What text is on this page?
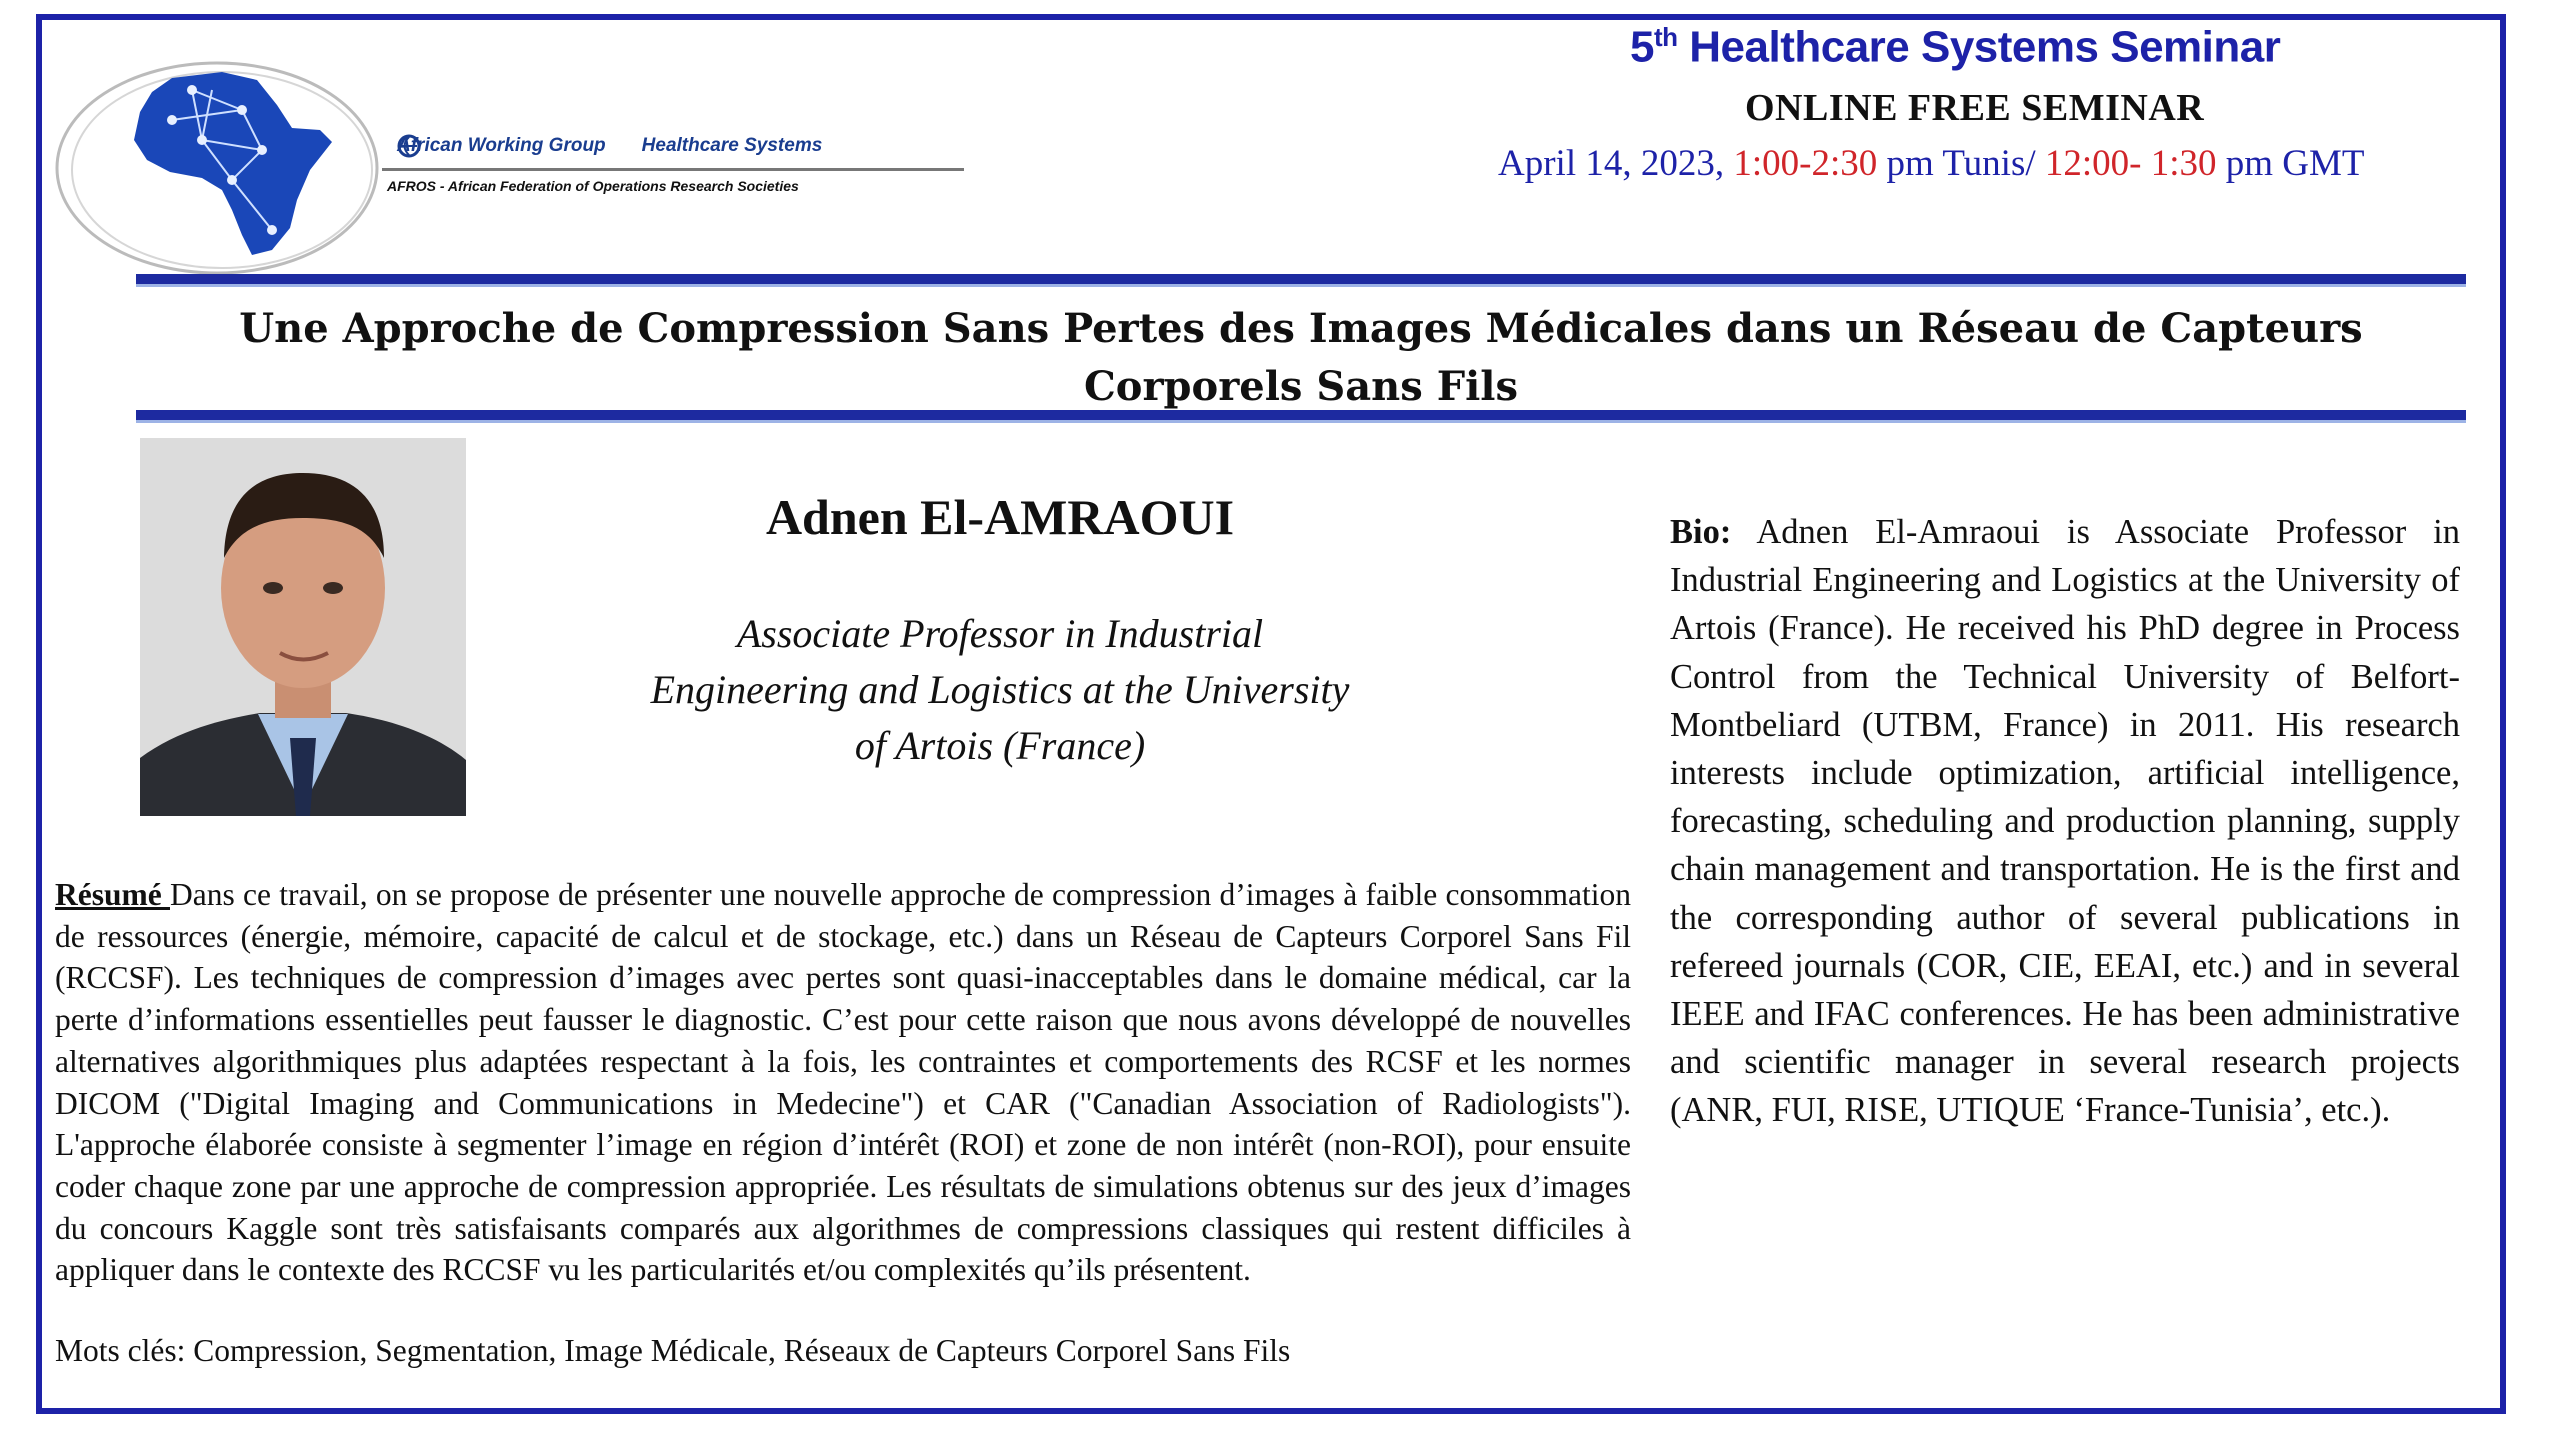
African Working Group Healthcare Systems
AFROS - African Federation of Operations Research Societies
5th Healthcare Systems Seminar
ONLINE FREE SEMINAR
April 14, 2023, 1:00-2:30 pm Tunis/ 12:00- 1:30 pm GMT
Une Approche de Compression Sans Pertes des Images Médicales dans un Réseau de Capteurs Corporels Sans Fils
Adnen El-AMRAOUI
Associate Professor in Industrial Engineering and Logistics at the University of Artois (France)
Bio: Adnen El-Amraoui is Associate Professor in Industrial Engineering and Logistics at the University of Artois (France). He received his PhD degree in Process Control from the Technical University of Belfort-Montbeliard (UTBM, France) in 2011. His research interests include optimization, artificial intelligence, forecasting, scheduling and production planning, supply chain management and transportation. He is the first and the corresponding author of several publications in refereed journals (COR, CIE, EEAI, etc.) and in several IEEE and IFAC conferences. He has been administrative and scientific manager in several research projects (ANR, FUI, RISE, UTIQUE ‘France-Tunisia’, etc.).
Résumé Dans ce travail, on se propose de présenter une nouvelle approche de compression d’images à faible consommation de ressources (énergie, mémoire, capacité de calcul et de stockage, etc.) dans un Réseau de Capteurs Corporel Sans Fil (RCCSF). Les techniques de compression d’images avec pertes sont quasi-inacceptables dans le domaine médical, car la perte d’informations essentielles peut fausser le diagnostic. C’est pour cette raison que nous avons développé de nouvelles alternatives algorithmiques plus adaptées respectant à la fois, les contraintes et comportements des RCSF et les normes DICOM ("Digital Imaging and Communications in Medecine") et CAR ("Canadian Association of Radiologists"). L'approche élaborée consiste à segmenter l’image en région d’intérêt (ROI) et zone de non intérêt (non-ROI), pour ensuite coder chaque zone par une approche de compression appropriée. Les résultats de simulations obtenus sur des jeux d’images du concours Kaggle sont très satisfaisants comparés aux algorithmes de compressions classiques qui restent difficiles à appliquer dans le contexte des RCCSF vu les particularités et/ou complexités qu’ils présentent.
Mots clés: Compression, Segmentation, Image Médicale, Réseaux de Capteurs Corporel Sans Fils
